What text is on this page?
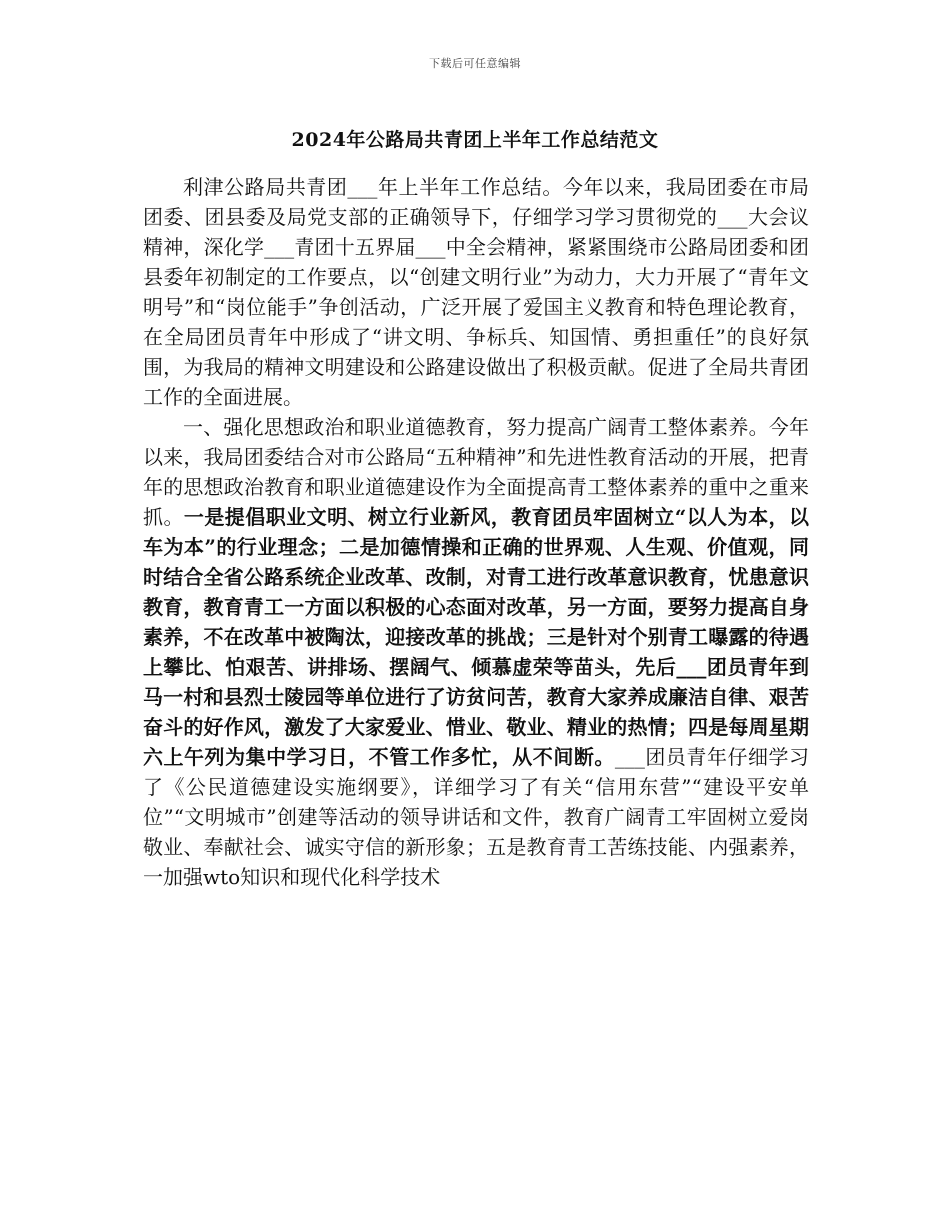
下载后可任意编辑
2024年公路局共青团上半年工作总结范文

利津公路局共青团___年上半年工作总结。今年以来，我局团委在市局团委、团县委及局党支部的正确领导下，仔细学习学习贯彻党的___大会议精神，深化学___青团十五界届___中全会精神，紧紧围绕市公路局团委和团县委年初制定的工作要点，以“创建文明行业”为动力，大力开展了“青年文明号”和“岗位能手”争创活动，广泛开展了爱国主义教育和特色理论教育，在全局团员青年中形成了“讲文明、争标兵、知国情、勇担重任”的良好氛围，为我局的精神文明建设和公路建设做出了积极贡献。促进了全局共青团工作的全面进展。

一、强化思想政治和职业道德教育，努力提高广阔青工整体素养。今年以来，我局团委结合对市公路局“五种精神”和先进性教育活动的开展，把青年的思想政治教育和职业道德建设作为全面提高青工整体素养的重中之重来抓。一是提倡职业文明、树立行业新风，教育团员牢固树立“以人为本，以车为本”的行业理念；二是加德情操和正确的世界观、人生观、价值观，同时结合全省公路系统企业改革、改制，对青工进行改革意识教育，忧患意识教育，教育青工一方面以积极的心态面对改革，另一方面，要努力提高自身素养，不在改革中被陶汰，迎接改革的挑战；三是针对个别青工曝露的待遇上攀比、怕艰苦、讲排场、摆阔气、倾慕虚荣等苗头，先后___团员青年到马一村和县烈士陵园等单位进行了访贫问苦，教育大家养成廉洁自律、艰苦奋斗的好作风，激发了大家爱业、惜业、敬业、精业的热情；四是每周星期六上午列为集中学习日，不管工作多忙，从不间断。___团员青年仔细学习了《公民道德建设实施纲要》，详细学习了有关“信用东营”“建设平安单位”“文明城市”创建等活动的领导讲话和文件，教育广阔青工牢固树立爱岗敬业、奉献社会、诚实守信的新形象；五是教育青工苦练技能、内强素养，一加强wto知识和现代化科学技术
